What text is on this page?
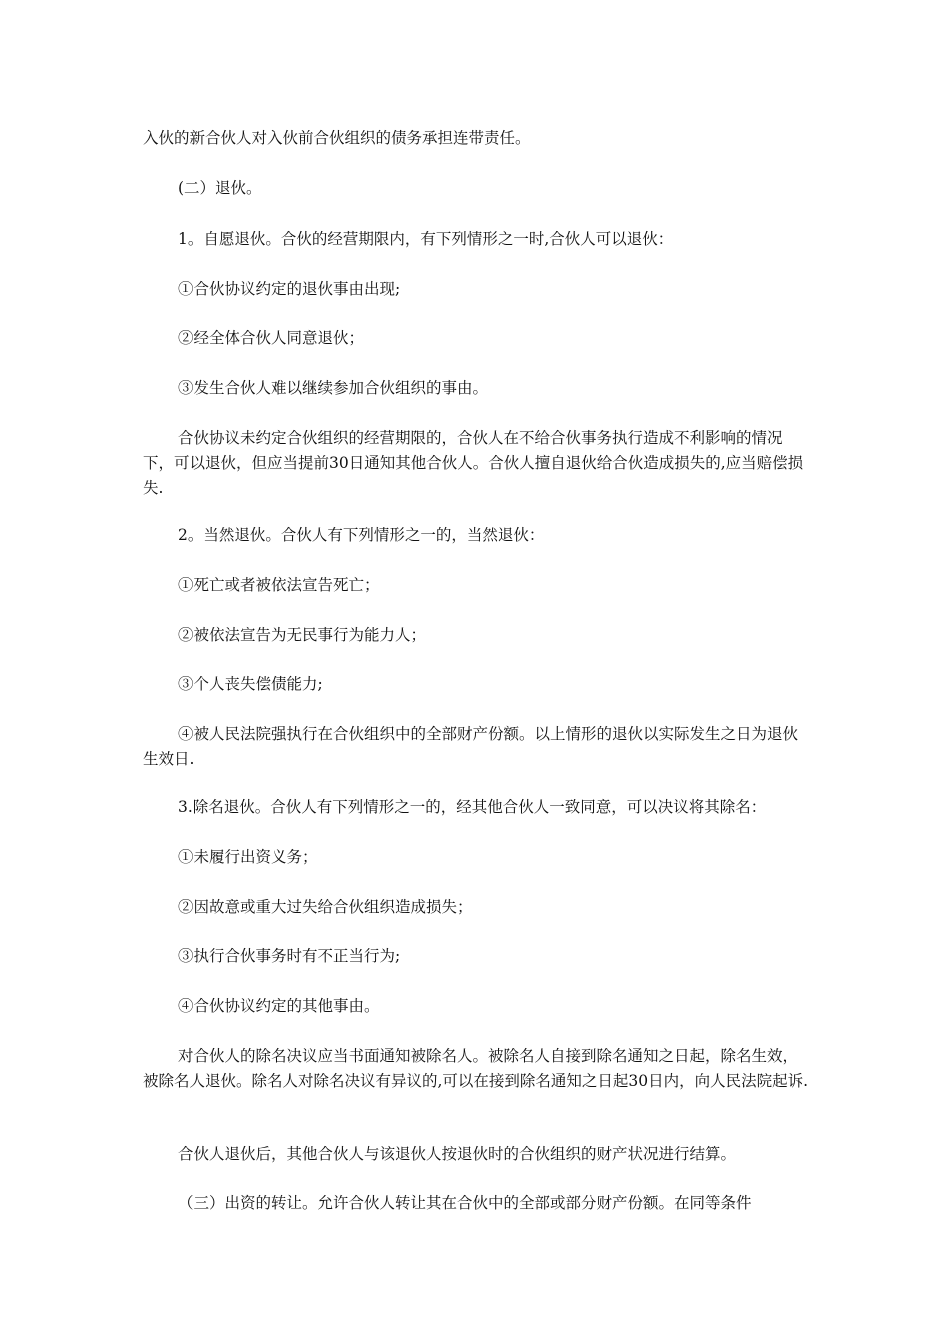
入伙的新合伙人对入伙前合伙组织的债务承担连带责任。

(二）退伙。

1。自愿退伙。合伙的经营期限内，有下列情形之一时,合伙人可以退伙：

①合伙协议约定的退伙事由出现;

②经全体合伙人同意退伙；

③发生合伙人难以继续参加合伙组织的事由。

合伙协议未约定合伙组织的经营期限的，合伙人在不给合伙事务执行造成不利影响的情况下，可以退伙，但应当提前30日通知其他合伙人。合伙人擅自退伙给合伙造成损失的,应当赔偿损失.

2。当然退伙。合伙人有下列情形之一的，当然退伙：

①死亡或者被依法宣告死亡；

②被依法宣告为无民事行为能力人；

③个人丧失偿债能力;

④被人民法院强执行在合伙组织中的全部财产份额。以上情形的退伙以实际发生之日为退伙生效日.

3.除名退伙。合伙人有下列情形之一的，经其他合伙人一致同意，可以决议将其除名：

①未履行出资义务；

②因故意或重大过失给合伙组织造成损失；

③执行合伙事务时有不正当行为;

④合伙协议约定的其他事由。

对合伙人的除名决议应当书面通知被除名人。被除名人自接到除名通知之日起，除名生效，被除名人退伙。除名人对除名决议有异议的,可以在接到除名通知之日起30日内，向人民法院起诉.

合伙人退伙后，其他合伙人与该退伙人按退伙时的合伙组织的财产状况进行结算。

（三）出资的转让。允许合伙人转让其在合伙中的全部或部分财产份额。在同等条件
